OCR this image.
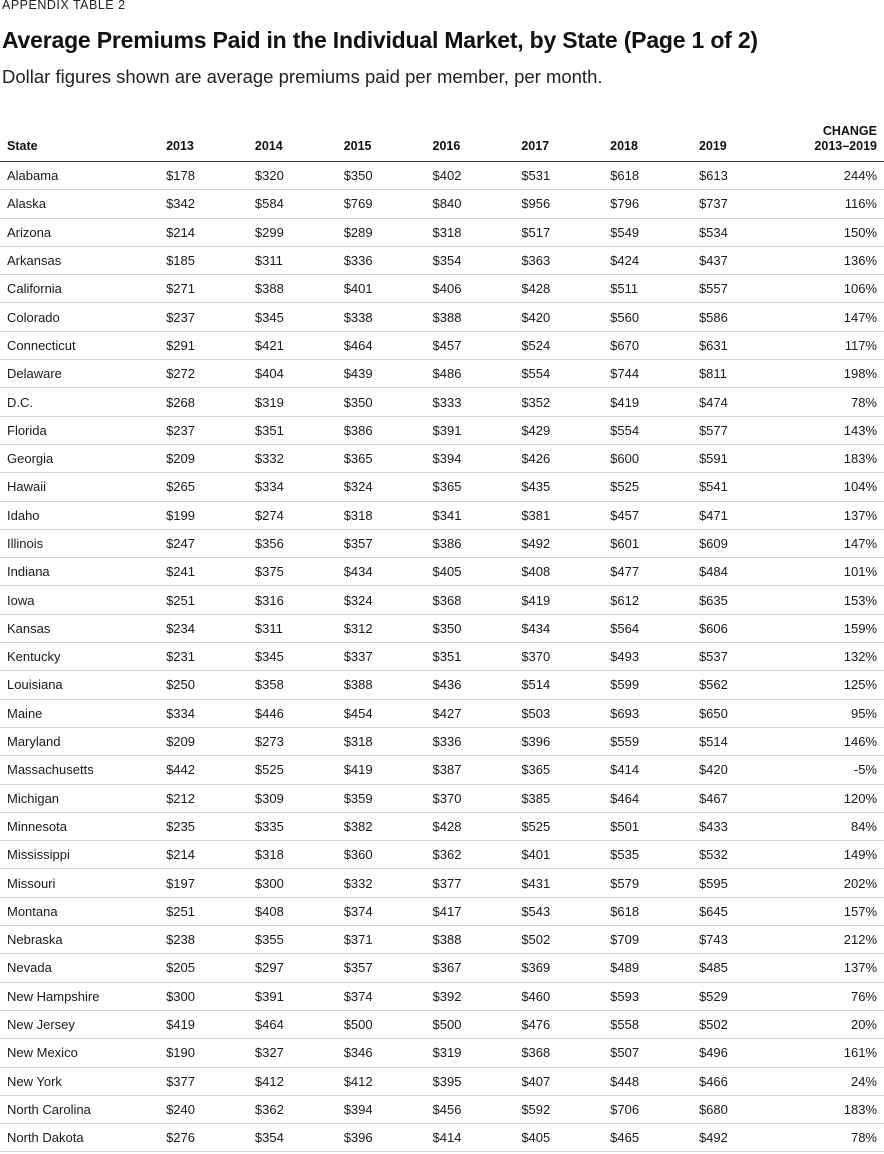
APPENDIX TABLE 2
Average Premiums Paid in the Individual Market, by State (Page 1 of 2)
Dollar figures shown are average premiums paid per member, per month.
State	2013	2014	2015	2016	2017	2018	2019	CHANGE
2013–2019
Alabama	$178	$320	$350	$402	$531	$618	$613	244%
Alaska	$342	$584	$769	$840	$956	$796	$737	116%
Arizona	$214	$299	$289	$318	$517	$549	$534	150%
Arkansas	$185	$311	$336	$354	$363	$424	$437	136%
California	$271	$388	$401	$406	$428	$511	$557	106%
Colorado	$237	$345	$338	$388	$420	$560	$586	147%
Connecticut	$291	$421	$464	$457	$524	$670	$631	117%
Delaware	$272	$404	$439	$486	$554	$744	$811	198%
D.C.	$268	$319	$350	$333	$352	$419	$474	78%
Florida	$237	$351	$386	$391	$429	$554	$577	143%
Georgia	$209	$332	$365	$394	$426	$600	$591	183%
Hawaii	$265	$334	$324	$365	$435	$525	$541	104%
Idaho	$199	$274	$318	$341	$381	$457	$471	137%
Illinois	$247	$356	$357	$386	$492	$601	$609	147%
Indiana	$241	$375	$434	$405	$408	$477	$484	101%
Iowa	$251	$316	$324	$368	$419	$612	$635	153%
Kansas	$234	$311	$312	$350	$434	$564	$606	159%
Kentucky	$231	$345	$337	$351	$370	$493	$537	132%
Louisiana	$250	$358	$388	$436	$514	$599	$562	125%
Maine	$334	$446	$454	$427	$503	$693	$650	95%
Maryland	$209	$273	$318	$336	$396	$559	$514	146%
Massachusetts	$442	$525	$419	$387	$365	$414	$420	-5%
Michigan	$212	$309	$359	$370	$385	$464	$467	120%
Minnesota	$235	$335	$382	$428	$525	$501	$433	84%
Mississippi	$214	$318	$360	$362	$401	$535	$532	149%
Missouri	$197	$300	$332	$377	$431	$579	$595	202%
Montana	$251	$408	$374	$417	$543	$618	$645	157%
Nebraska	$238	$355	$371	$388	$502	$709	$743	212%
Nevada	$205	$297	$357	$367	$369	$489	$485	137%
New Hampshire	$300	$391	$374	$392	$460	$593	$529	76%
New Jersey	$419	$464	$500	$500	$476	$558	$502	20%
New Mexico	$190	$327	$346	$319	$368	$507	$496	161%
New York	$377	$412	$412	$395	$407	$448	$466	24%
North Carolina	$240	$362	$394	$456	$592	$706	$680	183%
North Dakota	$276	$354	$396	$414	$405	$465	$492	78%
